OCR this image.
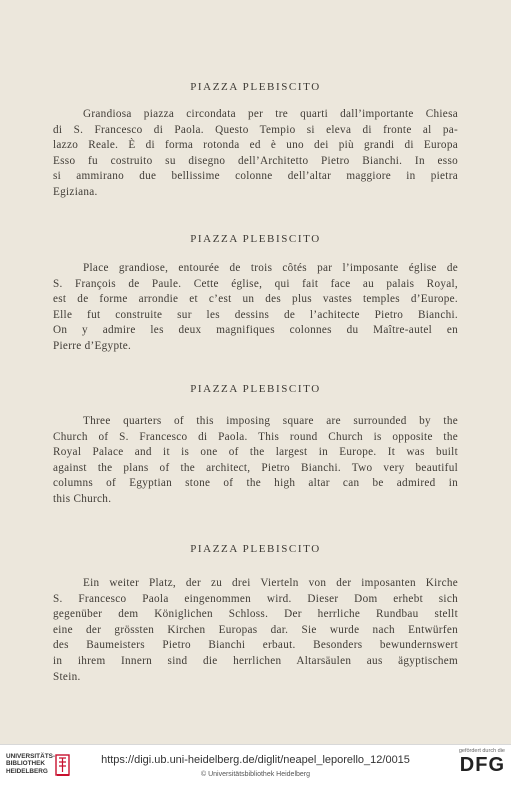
PIAZZA PLEBISCITO
Grandiosa piazza circondata per tre quarti dall’importante Chiesa
di S. Francesco di Paola. Questo Tempio si eleva di fronte al pa-
lazzo Reale. È di forma rotonda ed è uno dei più grandi di Europa
Esso fu costruito su disegno dell’Architetto Pietro Bianchi. In esso
si ammirano due bellissime colonne dell’altar maggiore in pietra
Egiziana.
PIAZZA PLEBISCITO
Place grandiose, entourée de trois côtés par l’imposante église de
S. François de Paule. Cette église, qui fait face au palais Royal,
est de forme arrondie et c’est un des plus vastes temples d’Europe.
Elle fut construite sur les dessins de l’achitecte Pietro Bianchi.
On y admire les deux magnifiques colonnes du Maître-autel en
Pierre d’Egypte.
PIAZZA PLEBISCITO
Three quarters of this imposing square are surrounded by the
Church of S. Francesco di Paola. This round Church is opposite the
Royal Palace and it is one of the largest in Europe. It was built
against the plans of the architect, Pietro Bianchi. Two very beautiful
columns of Egyptian stone of the high altar can be admired in
this Church.
PIAZZA PLEBISCITO
Ein weiter Platz, der zu drei Vierteln von der imposanten Kirche
S. Francesco Paola eingenommen wird. Dieser Dom erhebt sich
gegenüber dem Königlichen Schloss. Der herrliche Rundbau stellt
eine der grössten Kirchen Europas dar. Sie wurde nach Entwürfen
des Baumeisters Pietro Bianchi erbaut. Besonders bewundernswert
in ihrem Innern sind die herrlichen Altarsäulen aus ägyptischem
Stein.
UNIVERSITÄTS-
BIBLIOTHEK
HEIDELBERG
https://digi.ub.uni-heidelberg.de/diglit/neapel_leporello_12/0015
© Universitätsbibliothek Heidelberg
gefördert durch die
DFG
